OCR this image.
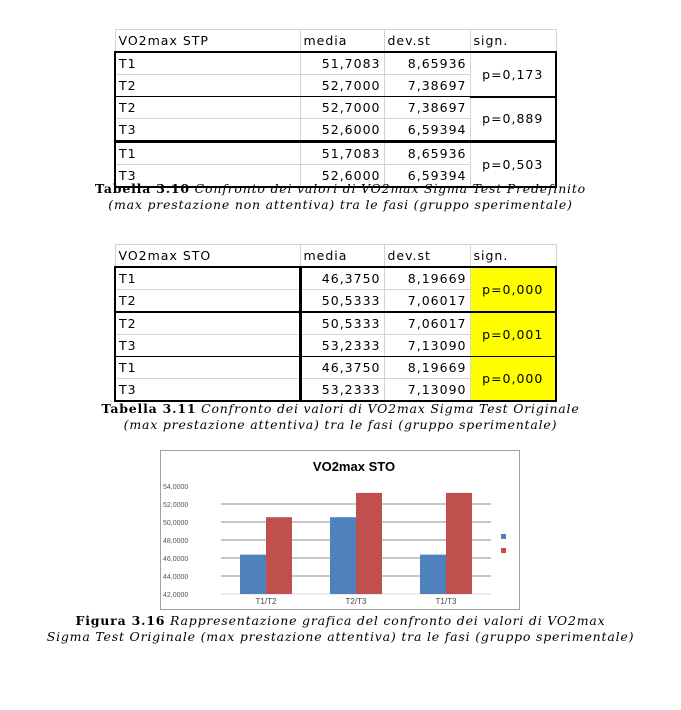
VO2max STP	media	dev.st	sign.
T1	51,7083	8,65936	p=0,173
T2	52,7000	7,38697	
T2	52,7000	7,38697	p=0,889
T3	52,6000	6,59394	
T1	51,7083	8,65936	p=0,503
T3	52,6000	6,59394	
Tabella 3.10 Confronto dei valori di VO2max Sigma Test Predefinito
(max prestazione non attentiva) tra le fasi (gruppo sperimentale)
VO2max STO	media	dev.st	sign.
T1	46,3750	8,19669	p=0,000
T2	50,5333	7,06017	
T2	50,5333	7,06017	p=0,001
T3	53,2333	7,13090	
T1	46,3750	8,19669	p=0,000
T3	53,2333	7,13090	
Tabella 3.11 Confronto dei valori di VO2max Sigma Test Originale
(max prestazione attentiva) tra le fasi (gruppo sperimentale)
VO2max STO
42,0000
44,0000
46,0000
48,0000
50,0000
52,0000
54,0000
T1/T2	T2/T3	T1/T3
Figura 3.16 Rappresentazione grafica del confronto dei valori di VO2max
Sigma Test Originale (max prestazione attentiva) tra le fasi (gruppo sperimentale)
